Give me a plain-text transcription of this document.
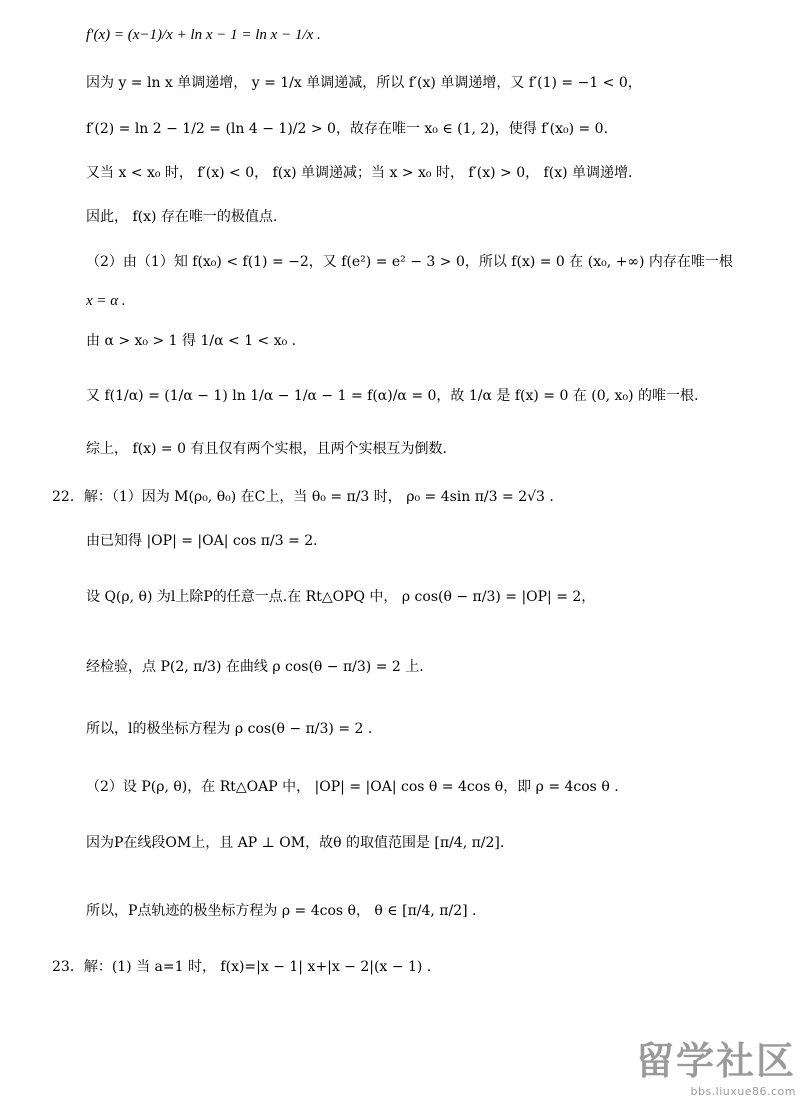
f′(x) = (x−1)/x + ln x − 1 = ln x − 1/x .
因为 y = ln x 单调递增， y = 1/x 单调递减，所以 f′(x) 单调递增，又 f′(1) = −1 < 0，
f′(2) = ln 2 − 1/2 = (ln 4 − 1)/2 > 0，故存在唯一 x₀ ∈ (1, 2)，使得 f′(x₀) = 0.
又当 x < x₀ 时， f′(x) < 0， f(x) 单调递减；当 x > x₀ 时， f′(x) > 0， f(x) 单调递增.
因此， f(x) 存在唯一的极值点.
（2）由（1）知 f(x₀) < f(1) = −2，又 f(e²) = e² − 3 > 0，所以 f(x) = 0 在 (x₀, +∞) 内存在唯一根
x = α .
由 α > x₀ > 1 得 1/α < 1 < x₀ .
又 f(1/α) = (1/α − 1) ln 1/α − 1/α − 1 = f(α)/α = 0，故 1/α 是 f(x) = 0 在 (0, x₀) 的唯一根.
综上， f(x) = 0 有且仅有两个实根，且两个实根互为倒数.
22．解：（1）因为 M(ρ₀, θ₀) 在C上，当 θ₀ = π/3 时， ρ₀ = 4sin π/3 = 2√3 .
由已知得 |OP| = |OA| cos π/3 = 2.
设 Q(ρ, θ) 为l上除P的任意一点.在 Rt△OPQ 中， ρ cos(θ − π/3) = |OP| = 2，
经检验，点 P(2, π/3) 在曲线 ρ cos(θ − π/3) = 2 上.
所以，l的极坐标方程为 ρ cos(θ − π/3) = 2 .
（2）设 P(ρ, θ)，在 Rt△OAP 中， |OP| = |OA| cos θ = 4cos θ，即 ρ = 4cos θ .
因为P在线段OM上，且 AP ⊥ OM，故θ 的取值范围是 [π/4, π/2].
所以，P点轨迹的极坐标方程为 ρ = 4cos θ， θ ∈ [π/4, π/2] .
23．解：(1) 当 a=1 时， f(x)=|x − 1| x+|x − 2|(x − 1) .
留学社区
bbs.liuxue86.com
